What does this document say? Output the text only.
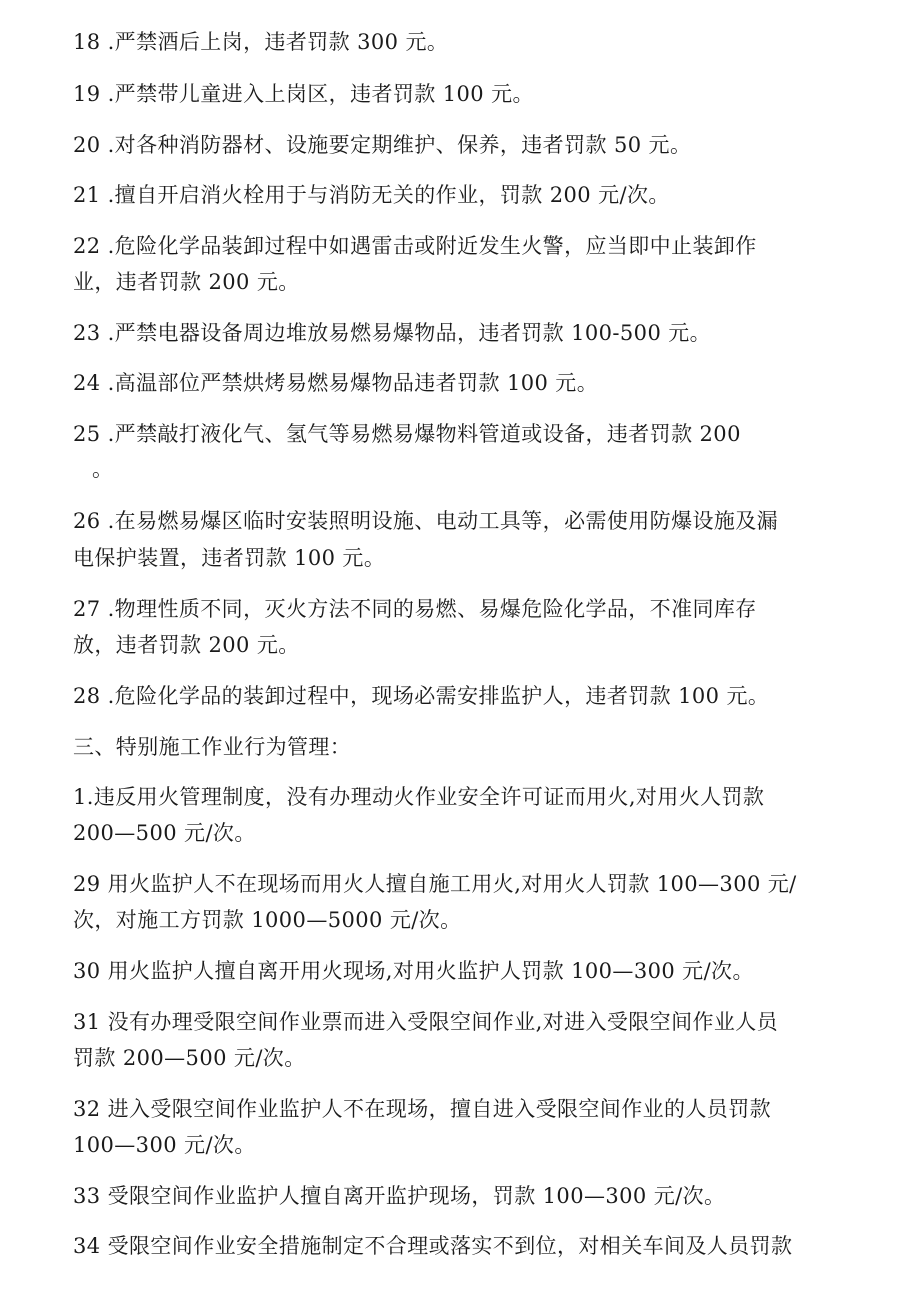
18 .严禁酒后上岗，违者罚款 300 元。

19 .严禁带儿童进入上岗区，违者罚款 100 元。

20 .对各种消防器材、设施要定期维护、保养，违者罚款 50 元。

21 .擅自开启消火栓用于与消防无关的作业，罚款 200 元/次。

22 .危险化学品装卸过程中如遇雷击或附近发生火警，应当即中止装卸作

业，违者罚款 200 元。

23 .严禁电器设备周边堆放易燃易爆物品，违者罚款 100-500 元。

24 .高温部位严禁烘烤易燃易爆物品违者罚款 100 元。

25 .严禁敲打液化气、氢气等易燃易爆物料管道或设备，违者罚款 200

。

26 .在易燃易爆区临时安装照明设施、电动工具等，必需使用防爆设施及漏

电保护装置，违者罚款 100 元。

27 .物理性质不同，灭火方法不同的易燃、易爆危险化学品，不准同库存

放，违者罚款 200 元。

28 .危险化学品的装卸过程中，现场必需安排监护人，违者罚款 100 元。

三、特别施工作业行为管理：

1.违反用火管理制度，没有办理动火作业安全许可证而用火,对用火人罚款

200—500 元/次。

29 用火监护人不在现场而用火人擅自施工用火,对用火人罚款 100—300 元/

次，对施工方罚款 1000—5000 元/次。

30 用火监护人擅自离开用火现场,对用火监护人罚款 100—300 元/次。

31 没有办理受限空间作业票而进入受限空间作业,对进入受限空间作业人员

罚款 200—500 元/次。

32 进入受限空间作业监护人不在现场，擅自进入受限空间作业的人员罚款

100—300 元/次。

33 受限空间作业监护人擅自离开监护现场，罚款 100—300 元/次。

34 受限空间作业安全措施制定不合理或落实不到位，对相关车间及人员罚款
